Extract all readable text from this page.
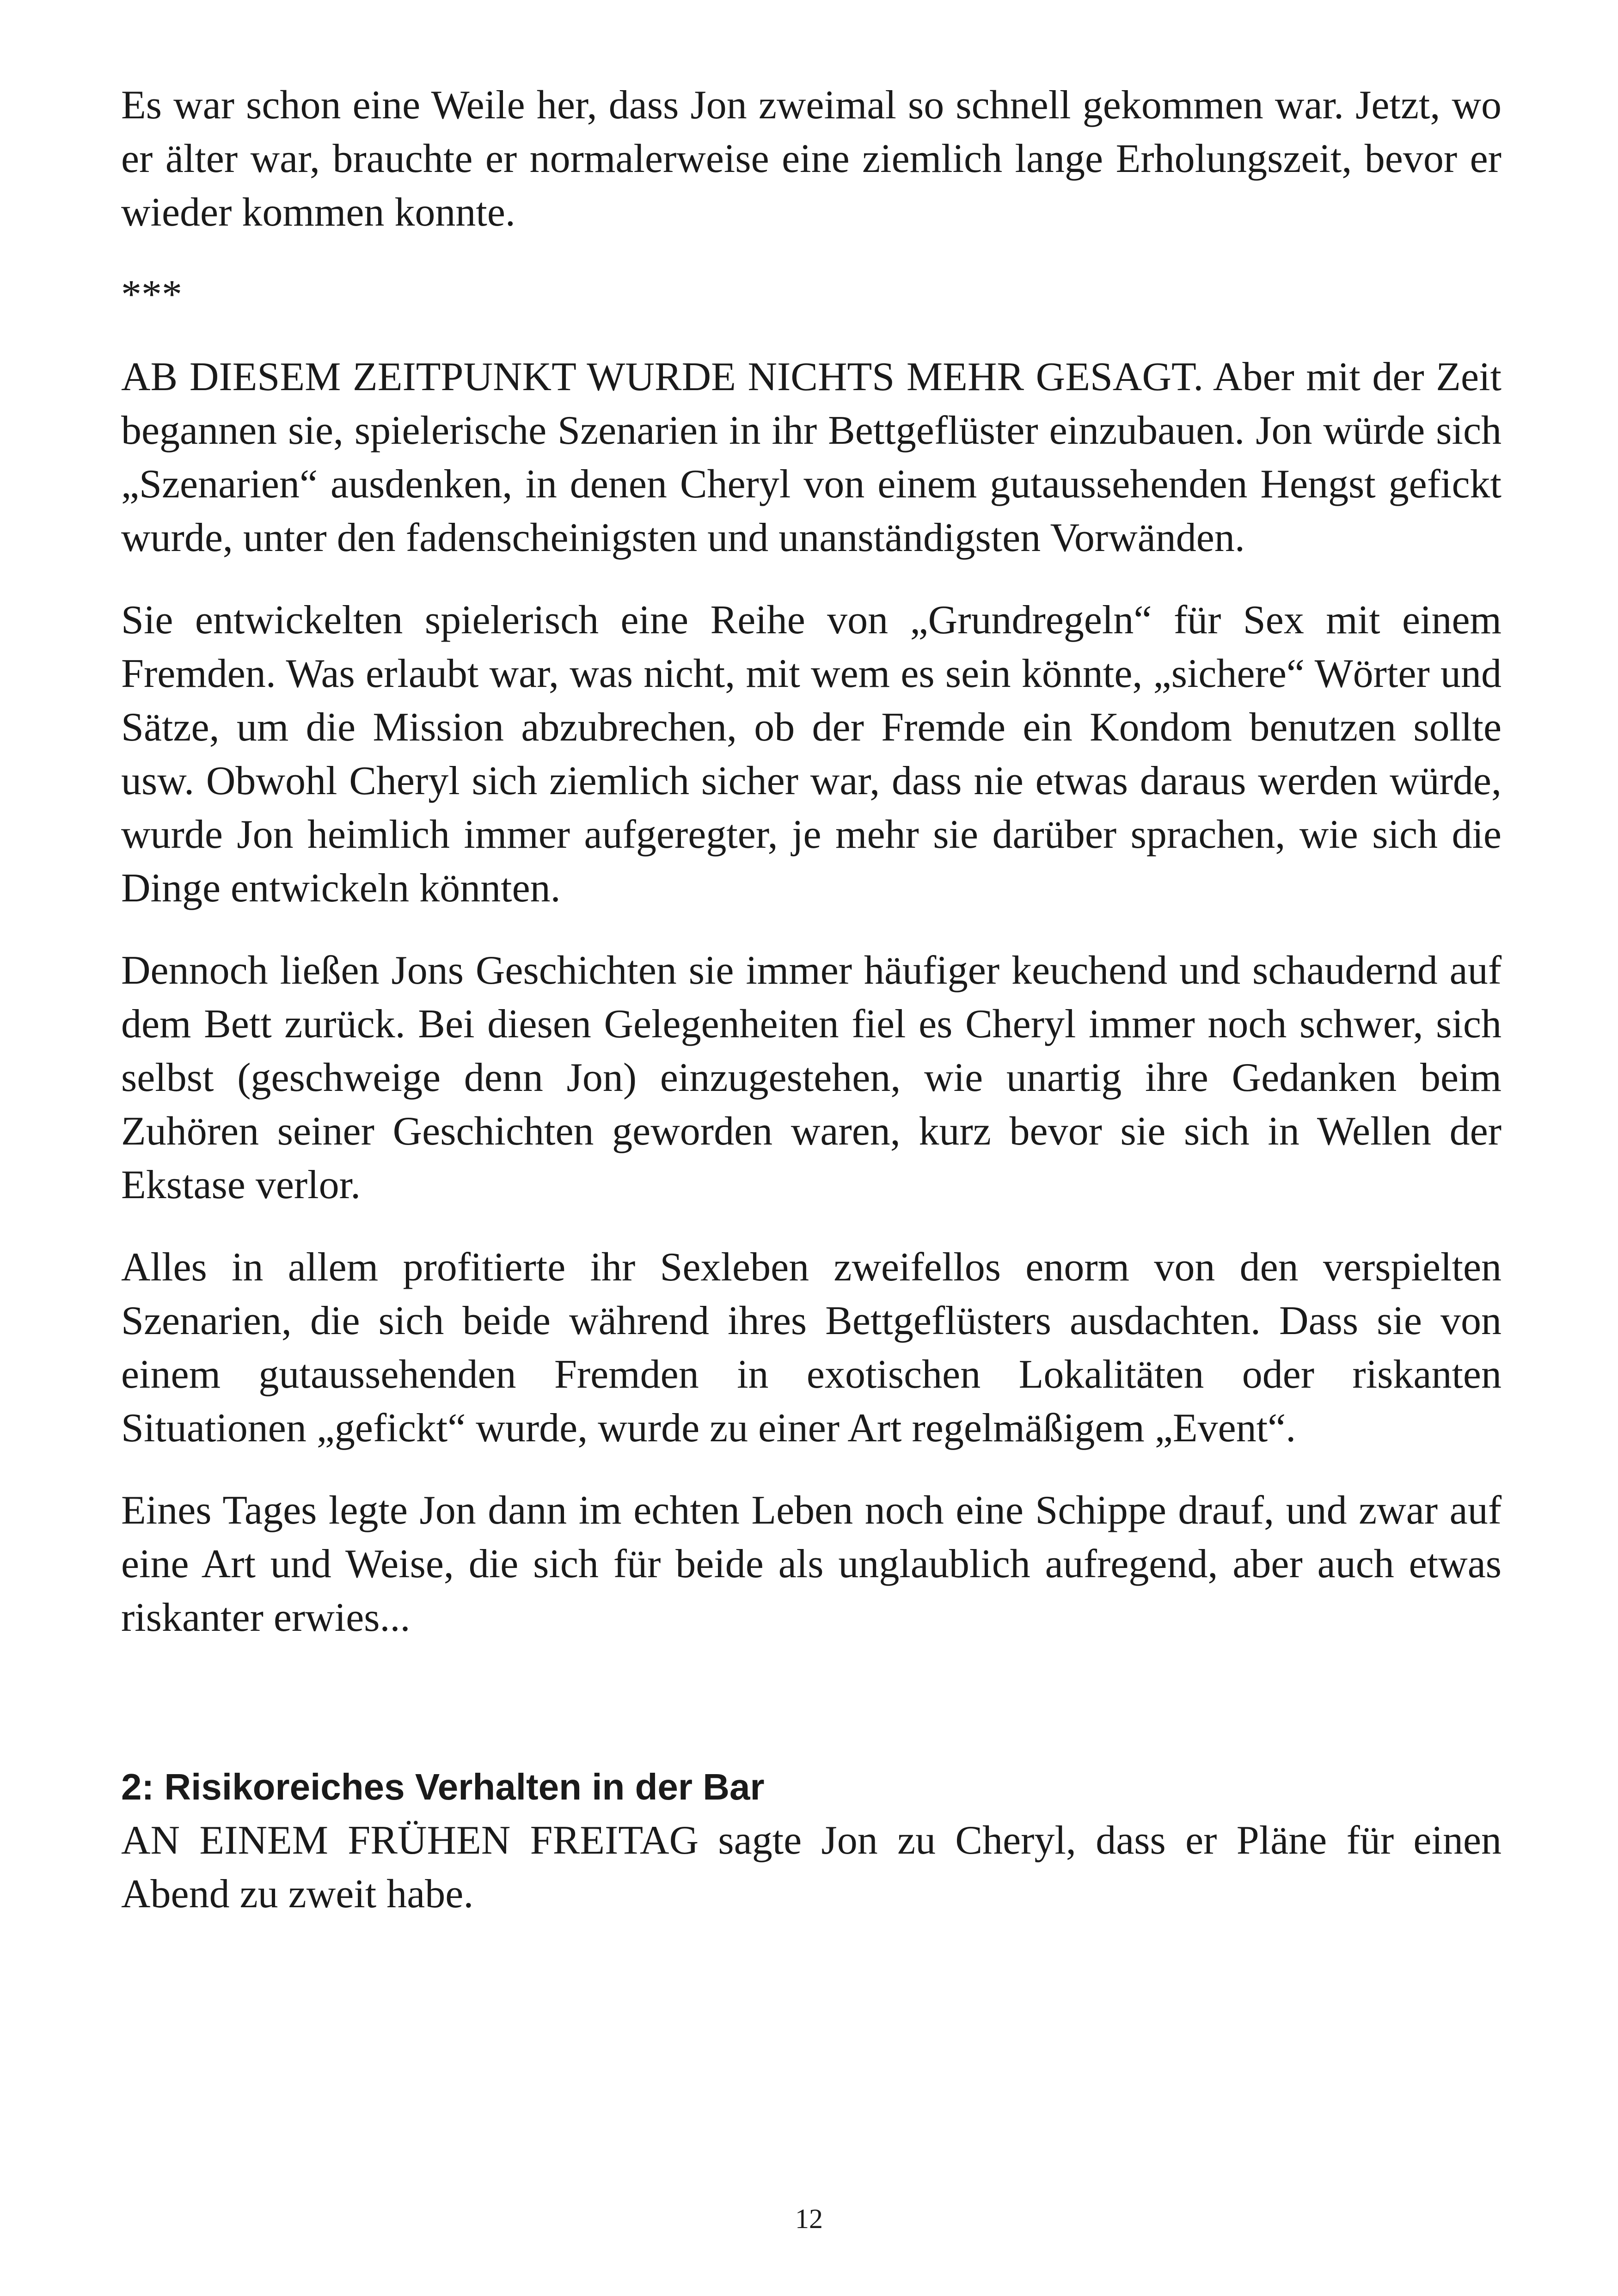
Es war schon eine Weile her, dass Jon zweimal so schnell gekommen war. Jetzt, wo er älter war, brauchte er normalerweise eine ziemlich lange Erholungszeit, bevor er wieder kommen konnte.

***

AB DIESEM ZEITPUNKT WURDE NICHTS MEHR GESAGT. Aber mit der Zeit begannen sie, spielerische Szenarien in ihr Bettgeflüster einzubauen. Jon würde sich „Szenarien“ ausdenken, in denen Cheryl von einem gutaussehenden Hengst gefickt wurde, unter den fadenscheinigsten und unanständigsten Vorwänden.

Sie entwickelten spielerisch eine Reihe von „Grundregeln“ für Sex mit einem Fremden. Was erlaubt war, was nicht, mit wem es sein könnte, „sichere“ Wörter und Sätze, um die Mission abzubrechen, ob der Fremde ein Kondom benutzen sollte usw. Obwohl Cheryl sich ziemlich sicher war, dass nie etwas daraus werden würde, wurde Jon heimlich immer aufgeregter, je mehr sie darüber sprachen, wie sich die Dinge entwickeln könnten.

Dennoch ließen Jons Geschichten sie immer häufiger keuchend und schaudernd auf dem Bett zurück. Bei diesen Gelegenheiten fiel es Cheryl immer noch schwer, sich selbst (geschweige denn Jon) einzugestehen, wie unartig ihre Gedanken beim Zuhören seiner Geschichten geworden waren, kurz bevor sie sich in Wellen der Ekstase verlor.

Alles in allem profitierte ihr Sexleben zweifellos enorm von den verspielten Szenarien, die sich beide während ihres Bettgeflüsters ausdachten. Dass sie von einem gutaussehenden Fremden in exotischen Lokalitäten oder riskanten Situationen „gefickt“ wurde, wurde zu einer Art regelmäßigem „Event“.

Eines Tages legte Jon dann im echten Leben noch eine Schippe drauf, und zwar auf eine Art und Weise, die sich für beide als unglaublich aufregend, aber auch etwas riskanter erwies...

2: Risikoreiches Verhalten in der Bar

AN EINEM FRÜHEN FREITAG sagte Jon zu Cheryl, dass er Pläne für einen Abend zu zweit habe.

12
